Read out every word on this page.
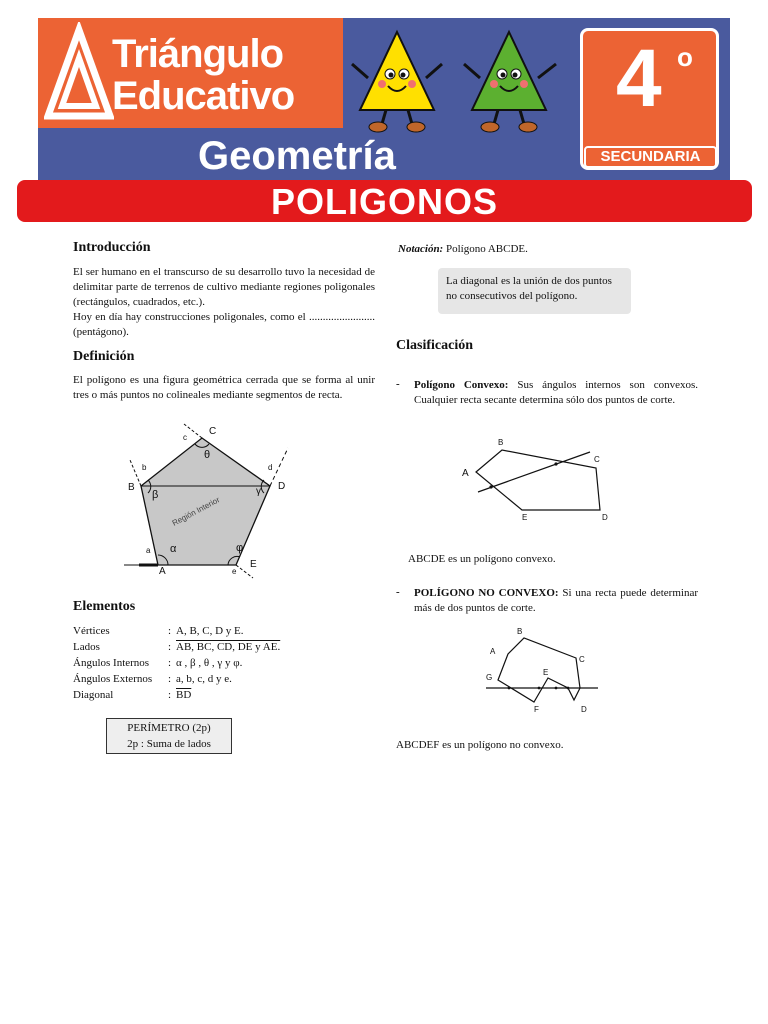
Triángulo
Educativo
Geometría
4 o
SECUNDARIA
POLIGONOS
Introducción
El ser humano en el transcurso de su desarrollo tuvo la necesidad de delimitar parte de terrenos de cultivo mediante regiones poligonales (rectángulos, cuadrados, etc.).
Hoy en día hay construcciones poligonales, como el ........................(pentágono).
Definición
El polígono es una figura geométrica cerrada que se forma al unir tres o más puntos no colineales mediante segmentos de recta.
A
B
C
D
E
a
b
c
d
e
α
β
θ
γ
φ
Región Interior
Elementos
Vértices	:	A, B, C, D y E.
Lados	:	AB, BC, CD, DE y AE.
Ángulos Internos	:	α , β , θ , γ y φ.
Ángulos Externos	:	a, b, c, d y e.
Diagonal	:	$\overline{BD}$
PERÍMETRO (2p)
2p : Suma de lados
Notación: Polígono ABCDE.
La diagonal es la unión de dos puntos no consecutivos del polígono.
Clasificación
- Polígono Convexo: Sus ángulos internos son convexos. Cualquier recta secante determina sólo dos puntos de corte.
A
B
C
D
E
ABCDE es un polígono convexo.
- POLÍGONO NO CONVEXO: Si una recta puede determinar más de dos puntos de corte.
A
B
C
D
E
F
G
ABCDEF es un polígono no convexo.
